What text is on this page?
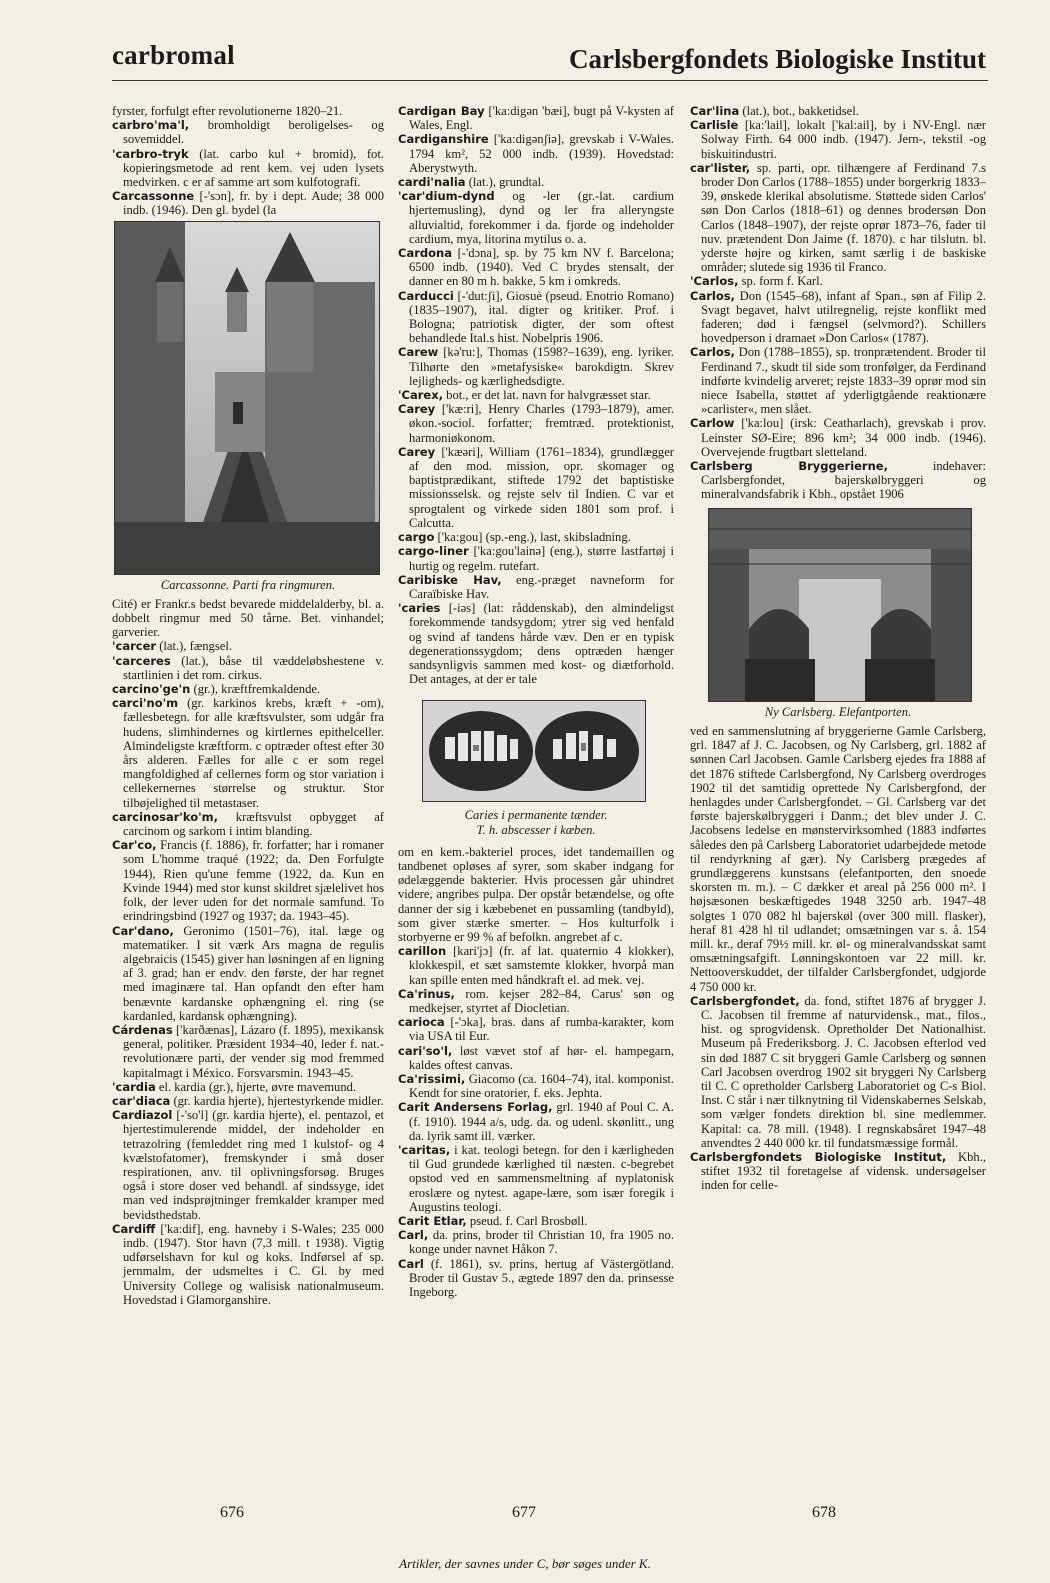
carbromal	Carlsbergfondets Biologiske Institut

fyrster, forfulgt efter revolutionerne 1820–21.

carbro'ma'l, bromholdigt beroligelses- og sovemiddel.

'carbro-tryk (lat. carbo kul + bromid), fot. kopieringsmetode ad rent kem. vej uden lysets medvirken. c er af samme art som kulfotografi.

Carcassonne [-'sɔn], fr. by i dept. Aude; 38 000 indb. (1946). Den gl. bydel (la

Carcassonne. Parti fra ringmuren.

Cité) er Frankr.s bedst bevarede middelalderby, bl. a. dobbelt ringmur med 50 tårne. Bet. vinhandel; garverier.

'carcer (lat.), fængsel.

'carceres (lat.), båse til væddeløbshestene v. startlinien i det rom. cirkus.

carcino'ge'n (gr.), kræftfremkaldende.

carci'no'm (gr. karkinos krebs, kræft + -om), fællesbetegn. for alle kræftsvulster, som udgår fra hudens, slimhindernes og kirtlernes epithelceller. Almindeligste kræftform. c optræder oftest efter 30 års alderen. Fælles for alle c er som regel mangfoldighed af cellernes form og stor variation i cellekernernes størrelse og struktur. Stor tilbøjelighed til metastaser.

carcinosar'ko'm, kræftsvulst opbygget af carcinom og sarkom i intim blanding.

Car'co, Francis (f. 1886), fr. forfatter; har i romaner som L'homme traqué (1922; da. Den Forfulgte 1944), Rien qu'une femme (1922, da. Kun en Kvinde 1944) med stor kunst skildret sjælelivet hos folk, der lever uden for det normale samfund. To erindringsbind (1927 og 1937; da. 1943–45).

Car'dano, Geronimo (1501–76), ital. læge og matematiker. I sit værk Ars magna de regulis algebraicis (1545) giver han løsningen af en ligning af 3. grad; han er endv. den første, der har regnet med imaginære tal. Han opfandt den efter ham benævnte kardanske ophængning el. ring (se kardanled, kardansk ophængning).

Cárdenas ['karðænas], Lázaro (f. 1895), mexikansk general, politiker. Præsident 1934–40, leder f. nat.-revolutionære parti, der vender sig mod fremmed kapitalmagt i México. Forsvarsmin. 1943–45.

'cardia el. kardia (gr.), hjerte, øvre mavemund.

car'diaca (gr. kardia hjerte), hjertestyrkende midler.

Cardiazol [-'so'l] (gr. kardia hjerte), el. pentazol, et hjertestimulerende middel, der indeholder en tetrazolring (femleddet ring med 1 kulstof- og 4 kvælstofatomer), fremskynder i små doser respirationen, anv. til oplivningsforsøg. Bruges også i store doser ved behandl. af sindssyge, idet man ved indsprøjtninger fremkalder kramper med bevidsthedstab.

Cardiff ['ka:dif], eng. havneby i S-Wales; 235 000 indb. (1947). Stor havn (7,3 mill. t 1938). Vigtig udførselshavn for kul og koks. Indførsel af sp. jernmalm, der udsmeltes i C. Gl. by med University College og walisisk nationalmuseum. Hovedstad i Glamorganshire.

Cardigan Bay ['ka:digən 'bæi], bugt på V-kysten af Wales, Engl.

Cardiganshire ['ka:digənʃiə], grevskab i V-Wales. 1794 km², 52 000 indb. (1939). Hovedstad: Aberystwyth.

cardi'nalia (lat.), grundtal.

'car'dium-dynd og -ler (gr.-lat. cardium hjertemusling), dynd og ler fra alleryngste alluvialtid, forekommer i da. fjorde og indeholder cardium, mya, litorina mytilus o. a.

Cardona [-'dɔna], sp. by 75 km NV f. Barcelona; 6500 indb. (1940). Ved C brydes stensalt, der danner en 80 m h. bakke, 5 km i omkreds.

Carducci [-'dut:ʃi], Giosuè (pseud. Enotrio Romano) (1835–1907), ital. digter og kritiker. Prof. i Bologna; patriotisk digter, der som oftest behandlede Ital.s hist. Nobelpris 1906.

Carew [kə'ru:], Thomas (1598?–1639), eng. lyriker. Tilhørte den »metafysiske« barokdigtn. Skrev lejligheds- og kærlighedsdigte.

'Carex, bot., er det lat. navn for halvgræsset star.

Carey ['kæ:ri], Henry Charles (1793–1879), amer. økon.-sociol. forfatter; fremtræd. protektionist, harmoniøkonom.

Carey ['kæəri], William (1761–1834), grundlægger af den mod. mission, opr. skomager og baptistprædikant, stiftede 1792 det baptistiske missionsselsk. og rejste selv til Indien. C var et sprogtalent og virkede siden 1801 som prof. i Calcutta.

cargo ['ka:gou] (sp.-eng.), last, skibsladning.

cargo-liner ['ka:gou'lainə] (eng.), større lastfartøj i hurtig og regelm. rutefart.

Caribiske Hav, eng.-præget navneform for Caraïbiske Hav.

'caries [-iəs] (lat: råddenskab), den almindeligst forekommende tandsygdom; ytrer sig ved henfald og svind af tandens hårde væv. Den er en typisk degenerationssygdom; dens optræden hænger sandsynligvis sammen med kost- og diætforhold. Det antages, at der er tale

Caries i permanente tænder.
T. h. abscesser i kæben.

om en kem.-bakteriel proces, idet tandemaillen og tandbenet opløses af syrer, som skaber indgang for ødelæggende bakterier. Hvis processen går uhindret videre, angribes pulpa. Der opstår betændelse, og ofte danner der sig i kæbebenet en pussamling (tandbyld), som giver stærke smerter. – Hos kulturfolk i storbyerne er 99 % af befolkn. angrebet af c.

carillon [kari'jɔ] (fr. af lat. quaternio 4 klokker), klokkespil, et sæt samstemte klokker, hvorpå man kan spille enten med håndkraft el. ad mek. vej.

Ca'rinus, rom. kejser 282–84, Carus' søn og medkejser, styrtet af Diocletian.

carioca [-'ɔka], bras. dans af rumba-karakter, kom via USA til Eur.

cari'so'l, løst vævet stof af hør- el. hampegarn, kaldes oftest canvas.

Ca'rissimi, Giacomo (ca. 1604–74), ital. komponist. Kendt for sine oratorier, f. eks. Jephta.

Carit Andersens Forlag, grl. 1940 af Poul C. A. (f. 1910). 1944 a/s, udg. da. og udenl. skønlitt., ung da. lyrik samt ill. værker.

'caritas, i kat. teologi betegn. for den i kærligheden til Gud grundede kærlighed til næsten. c-begrebet opstod ved en sammensmeltning af nyplatonisk eroslære og nytest. agape-lære, som især foregik i Augustins teologi.

Carit Etlar, pseud. f. Carl Brosbøll.

Carl, da. prins, broder til Christian 10, fra 1905 no. konge under navnet Håkon 7.

Carl (f. 1861), sv. prins, hertug af Västergötland. Broder til Gustav 5., ægtede 1897 den da. prinsesse Ingeborg.

Car'lina (lat.), bot., bakketidsel.

Carlisle [ka:'lail], lokalt ['kal:ail], by i NV-Engl. nær Solway Firth. 64 000 indb. (1947). Jern-, tekstil -og biskuitindustri.

car'lister, sp. parti, opr. tilhængere af Ferdinand 7.s broder Don Carlos (1788–1855) under borgerkrig 1833–39, ønskede klerikal absolutisme. Støttede siden Carlos' søn Don Carlos (1818–61) og dennes brodersøn Don Carlos (1848–1907), der rejste oprør 1873–76, fader til nuv. prætendent Don Jaime (f. 1870). c har tilslutn. bl. yderste højre og kirken, samt særlig i de baskiske områder; slutede sig 1936 til Franco.

'Carlos, sp. form f. Karl.

Carlos, Don (1545–68), infant af Span., søn af Filip 2. Svagt begavet, halvt utilregnelig, rejste konflikt med faderen; død i fængsel (selvmord?). Schillers hovedperson i dramaet »Don Carlos« (1787).

Carlos, Don (1788–1855), sp. tronprætendent. Broder til Ferdinand 7., skudt til side som tronfølger, da Ferdinand indførte kvindelig arveret; rejste 1833–39 oprør mod sin niece Isabella, støttet af yderligtgående reaktionære »carlister«, men slået.

Carlow ['ka:lou] (irsk: Ceatharlach), grevskab i prov. Leinster SØ-Eire; 896 km²; 34 000 indb. (1946). Overvejende frugtbart sletteland.

Carlsberg Bryggerierne,	indehaver: Carlsbergfondet, bajerskølbryggeri og mineralvandsfabrik i Kbh., opstået 1906

Ny Carlsberg. Elefantporten.

ved en sammenslutning af bryggerierne Gamle Carlsberg, grl. 1847 af J. C. Jacobsen, og Ny Carlsberg, grl. 1882 af sønnen Carl Jacobsen. Gamle Carlsberg ejedes fra 1888 af det 1876 stiftede Carlsbergfond, Ny Carlsberg overdroges 1902 til det samtidig oprettede Ny Carlsbergfond, der henlagdes under Carlsbergfondet. – Gl. Carlsberg var det første bajerskølbryggeri i Danm.; det blev under J. C. Jacobsens ledelse en mønstervirksomhed (1883 indførtes således den på Carlsberg Laboratoriet udarbejdede metode til rendyrkning af gær). Ny Carlsberg prægedes af grundlæggerens kunstsans (elefantporten, den snoede skorsten m. m.). – C dækker et areal på 256 000 m². I højsæsonen beskæftigedes 1948 3250 arb. 1947–48 solgtes 1 070 082 hl bajerskøl (over 300 mill. flasker), heraf 81 428 hl til udlandet; omsætningen var s. å. 154 mill. kr., deraf 79½ mill. kr. øl- og mineralvandsskat samt omsætningsafgift. Lønningskontoen var 22 mill. kr. Nettooverskuddet, der tilfalder Carlsbergfondet, udgjorde 4 750 000 kr.

Carlsbergfondet, da. fond, stiftet 1876 af brygger J. C. Jacobsen til fremme af naturvidensk., mat., filos., hist. og sprogvidensk. Opretholder Det Nationalhist. Museum på Frederiksborg. J. C. Jacobsen efterlod ved sin død 1887 C sit bryggeri Gamle Carlsberg og sønnen Carl Jacobsen overdrog 1902 sit bryggeri Ny Carlsberg til C. C opretholder Carlsberg Laboratoriet og C-s Biol. Inst. C står i nær tilknytning til Videnskabernes Selskab, som vælger fondets direktion bl. sine medlemmer. Kapital: ca. 78 mill. (1948). I regnskabsåret 1947–48 anvendtes 2 440 000 kr. til fundatsmæssige formål.

Carlsbergfondets Biologiske Institut, Kbh., stiftet 1932 til foretagelse af vidensk. undersøgelser inden for celle-

676	677	678
Artikler, der savnes under C, bør søges under K.
